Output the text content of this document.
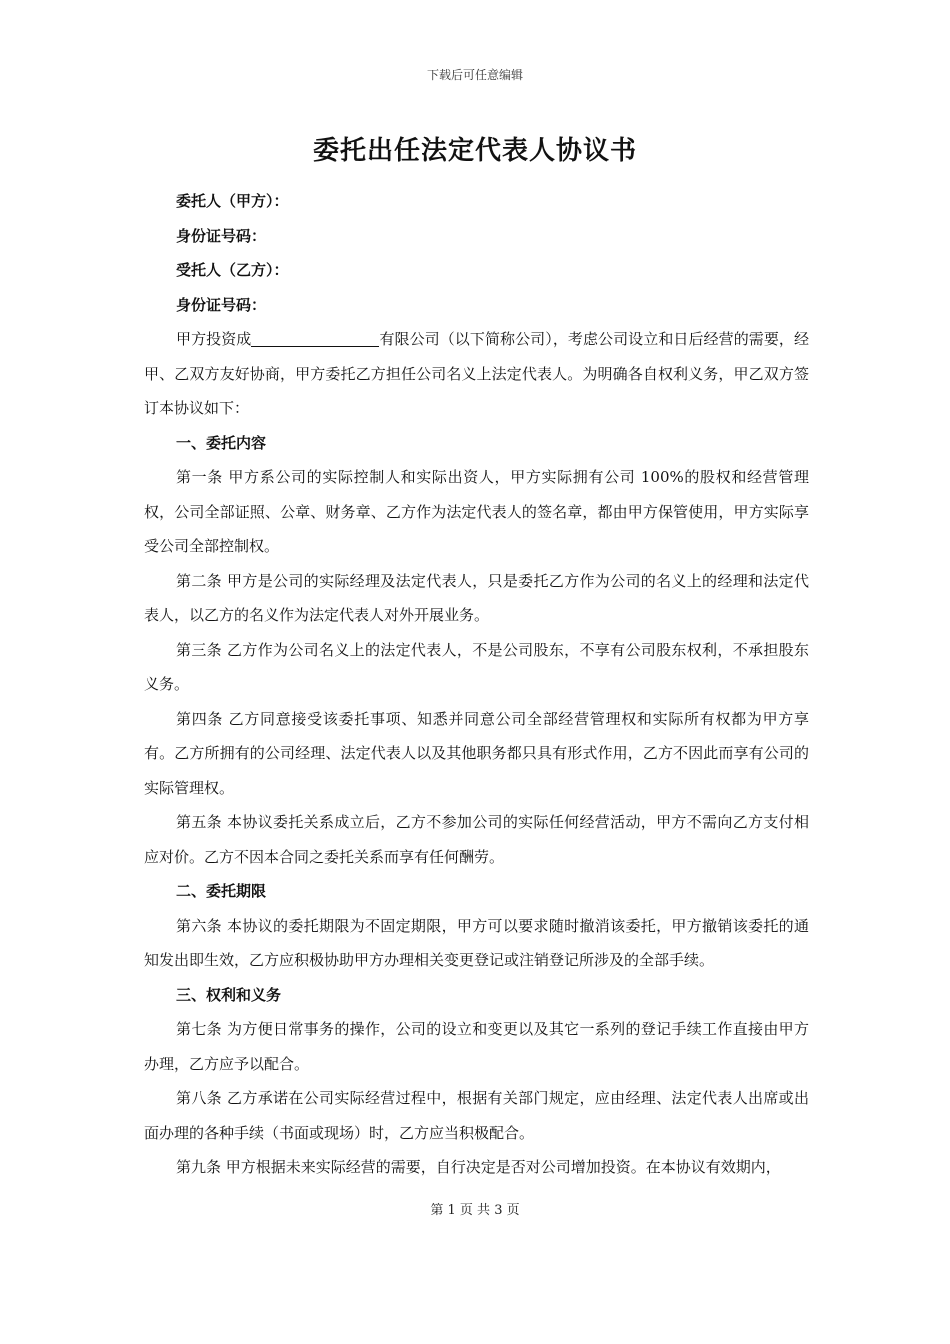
下载后可任意编辑
委托出任法定代表人协议书

委托人（甲方）：

身份证号码：

受托人（乙方）：

身份证号码：

甲方投资成	有限公司（以下简称公司），考虑公司设立和日后经营的需要，经甲、乙双方友好协商，甲方委托乙方担任公司名义上法定代表人。为明确各自权利义务，甲乙双方签订本协议如下：

一、委托内容

第一条 甲方系公司的实际控制人和实际出资人，甲方实际拥有公司 100%的股权和经营管理权，公司全部证照、公章、财务章、乙方作为法定代表人的签名章，都由甲方保管使用，甲方实际享受公司全部控制权。

第二条 甲方是公司的实际经理及法定代表人，只是委托乙方作为公司的名义上的经理和法定代表人，以乙方的名义作为法定代表人对外开展业务。

第三条 乙方作为公司名义上的法定代表人，不是公司股东，不享有公司股东权利，不承担股东义务。

第四条 乙方同意接受该委托事项、知悉并同意公司全部经营管理权和实际所有权都为甲方享有。乙方所拥有的公司经理、法定代表人以及其他职务都只具有形式作用，乙方不因此而享有公司的实际管理权。

第五条 本协议委托关系成立后，乙方不参加公司的实际任何经营活动，甲方不需向乙方支付相应对价。乙方不因本合同之委托关系而享有任何酬劳。

二、委托期限

第六条 本协议的委托期限为不固定期限，甲方可以要求随时撤消该委托，甲方撤销该委托的通知发出即生效，乙方应积极协助甲方办理相关变更登记或注销登记所涉及的全部手续。

三、权利和义务

第七条 为方便日常事务的操作，公司的设立和变更以及其它一系列的登记手续工作直接由甲方办理，乙方应予以配合。

第八条 乙方承诺在公司实际经营过程中，根据有关部门规定，应由经理、法定代表人出席或出面办理的各种手续（书面或现场）时，乙方应当积极配合。

第九条 甲方根据未来实际经营的需要，自行决定是否对公司增加投资。在本协议有效期内，

第 1 页 共 3 页
